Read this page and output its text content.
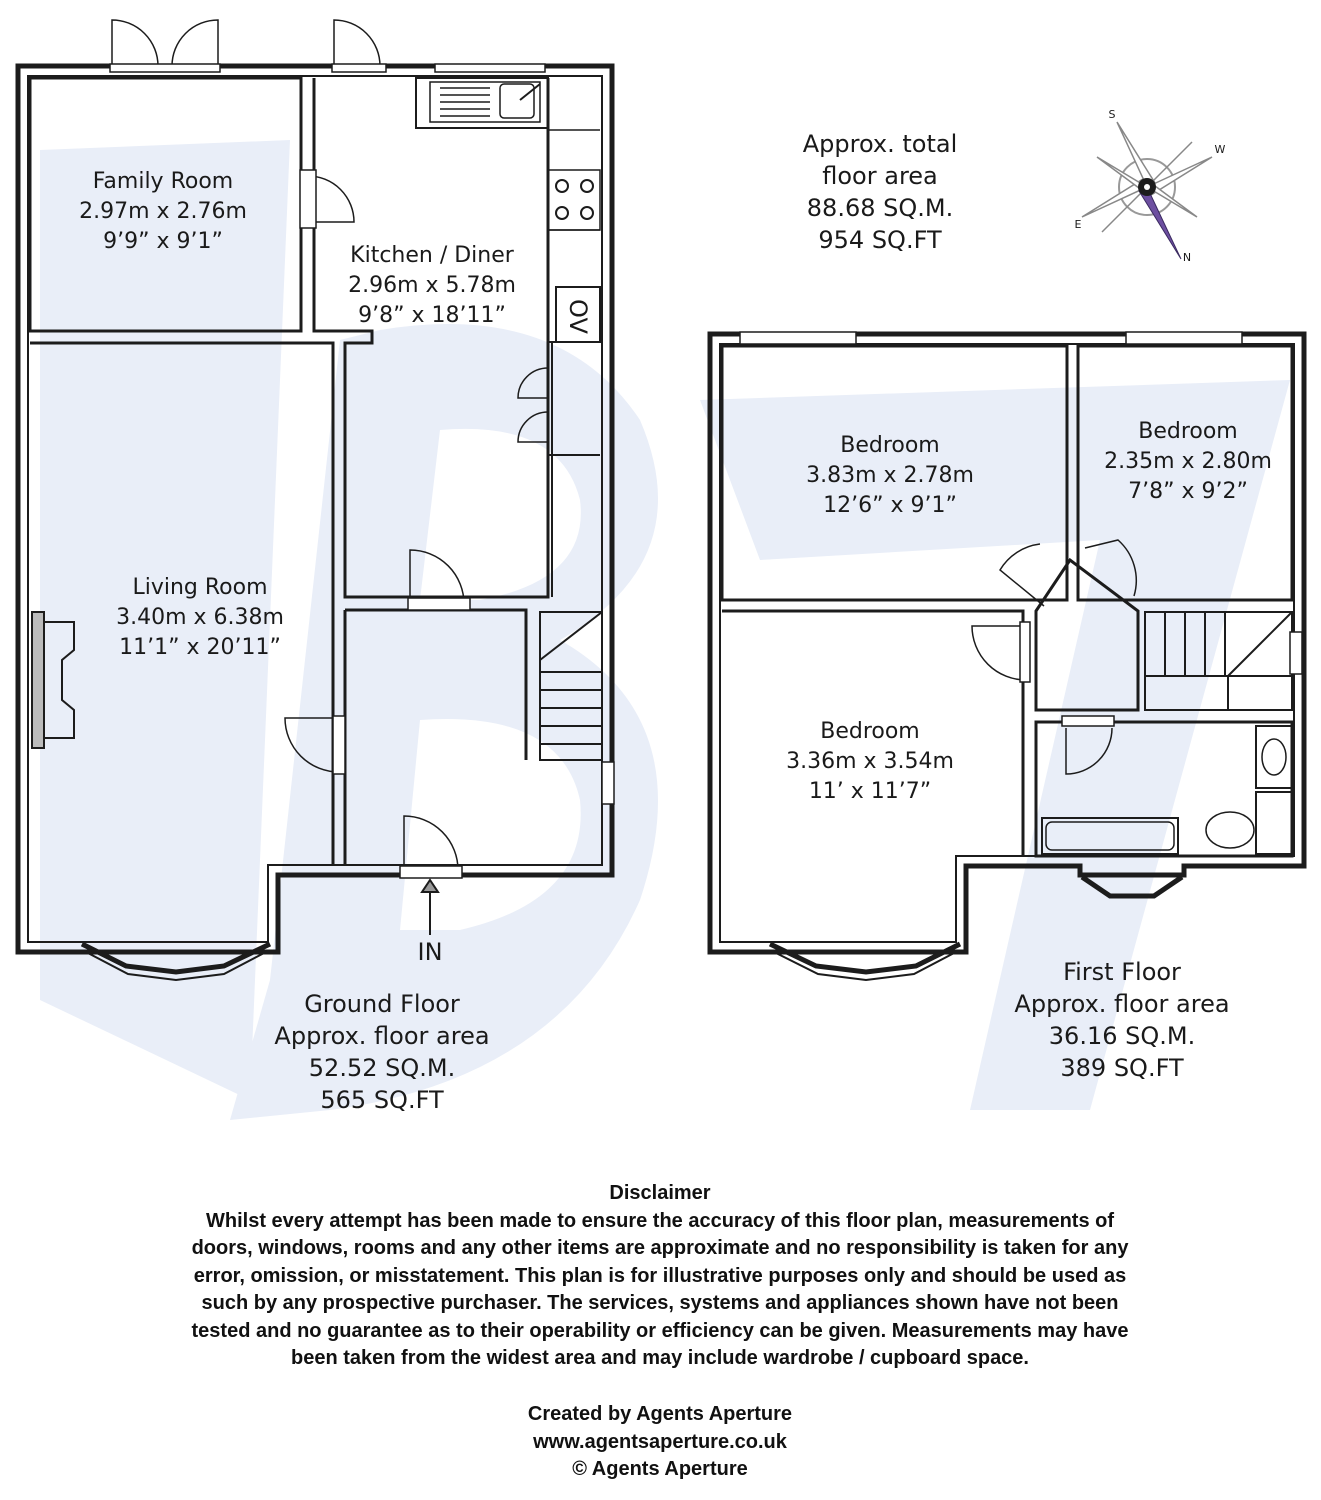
S
W
E
N
Approx. total
floor area
88.68 SQ.M.
954 SQ.FT
Family Room
2.97m x 2.76m
9’9” x 9’1”
Kitchen / Diner
2.96m x 5.78m
9’8” x 18’11”
Living Room
3.40m x 6.38m
11’1” x 20’11”
OV
IN
Ground Floor
Approx. floor area
52.52 SQ.M.
565 SQ.FT
Bedroom
3.83m x 2.78m
12’6” x 9’1”
Bedroom
2.35m x 2.80m
7’8” x 9’2”
Bedroom
3.36m x 3.54m
11’ x 11’7”
First Floor
Approx. floor area
36.16 SQ.M.
389 SQ.FT
Disclaimer
Whilst every attempt has been made to ensure the accuracy of this floor plan, measurements of
doors, windows, rooms and any other items are approximate and no responsibility is taken for any
error, omission, or misstatement. This plan is for illustrative purposes only and should be used as
such by any prospective purchaser. The services, systems and appliances shown have not been
tested and no guarantee as to their operability or efficiency can be given. Measurements may have
been taken from the widest area and may include wardrobe / cupboard space.
Created by Agents Aperture
www.agentsaperture.co.uk
© Agents Aperture
